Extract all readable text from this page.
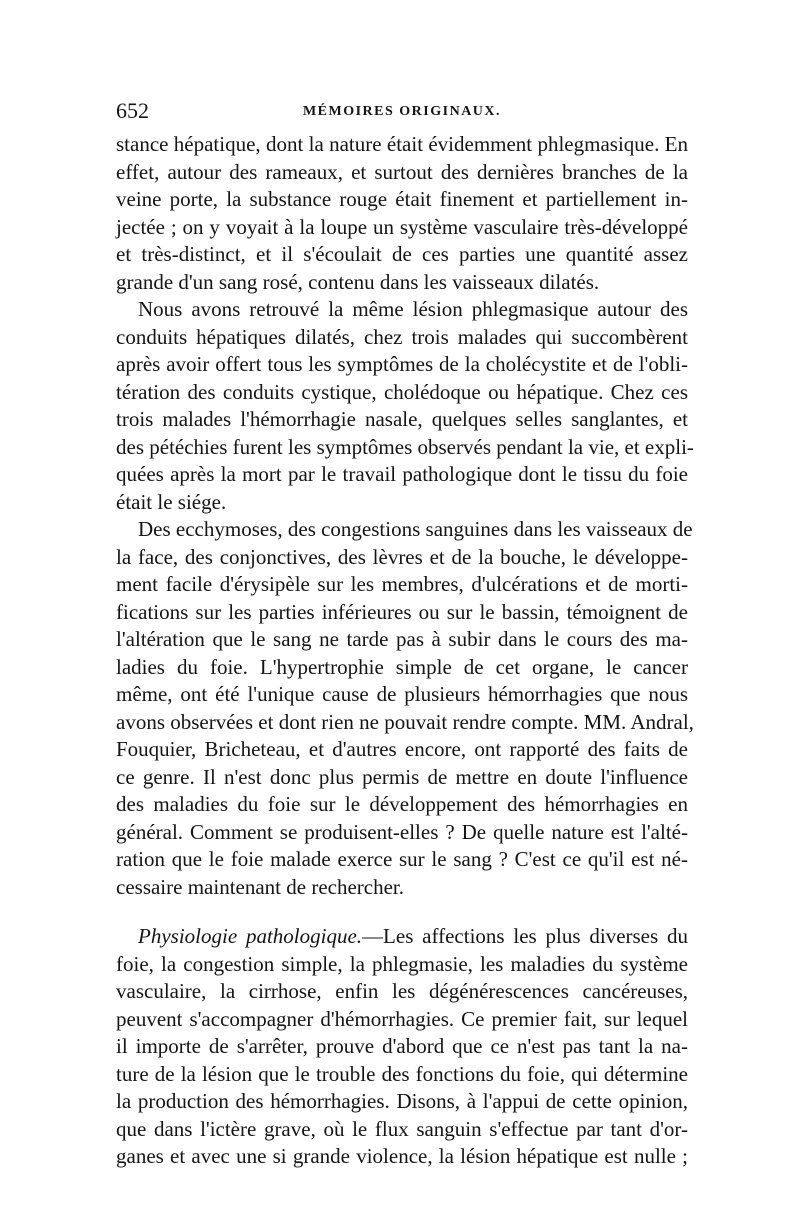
652	MÉMOIRES ORIGINAUX.
stance hépatique, dont la nature était évidemment phlegmasique. En
effet, autour des rameaux, et surtout des dernières branches de la
veine porte, la substance rouge était finement et partiellement in-
jectée ; on y voyait à la loupe un système vasculaire très-développé
et très-distinct, et il s'écoulait de ces parties une quantité assez
grande d'un sang rosé, contenu dans les vaisseaux dilatés.
Nous avons retrouvé la même lésion phlegmasique autour des
conduits hépatiques dilatés, chez trois malades qui succombèrent
après avoir offert tous les symptômes de la cholécystite et de l'obli-
tération des conduits cystique, cholédoque ou hépatique. Chez ces
trois malades l'hémorrhagie nasale, quelques selles sanglantes, et
des pétéchies furent les symptômes observés pendant la vie, et expli-
quées après la mort par le travail pathologique dont le tissu du foie
était le siége.
Des ecchymoses, des congestions sanguines dans les vaisseaux de
la face, des conjonctives, des lèvres et de la bouche, le développe-
ment facile d'érysipèle sur les membres, d'ulcérations et de morti-
fications sur les parties inférieures ou sur le bassin, témoignent de
l'altération que le sang ne tarde pas à subir dans le cours des ma-
ladies du foie. L'hypertrophie simple de cet organe, le cancer
même, ont été l'unique cause de plusieurs hémorrhagies que nous
avons observées et dont rien ne pouvait rendre compte. MM. Andral,
Fouquier, Bricheteau, et d'autres encore, ont rapporté des faits de
ce genre. Il n'est donc plus permis de mettre en doute l'influence
des maladies du foie sur le développement des hémorrhagies en
général. Comment se produisent-elles ? De quelle nature est l'alté-
ration que le foie malade exerce sur le sang ? C'est ce qu'il est né-
cessaire maintenant de rechercher.
Physiologie pathologique.—Les affections les plus diverses du
foie, la congestion simple, la phlegmasie, les maladies du système
vasculaire, la cirrhose, enfin les dégénérescences cancéreuses,
peuvent s'accompagner d'hémorrhagies. Ce premier fait, sur lequel
il importe de s'arrêter, prouve d'abord que ce n'est pas tant la na-
ture de la lésion que le trouble des fonctions du foie, qui détermine
la production des hémorrhagies. Disons, à l'appui de cette opinion,
que dans l'ictère grave, où le flux sanguin s'effectue par tant d'or-
ganes et avec une si grande violence, la lésion hépatique est nulle ;
